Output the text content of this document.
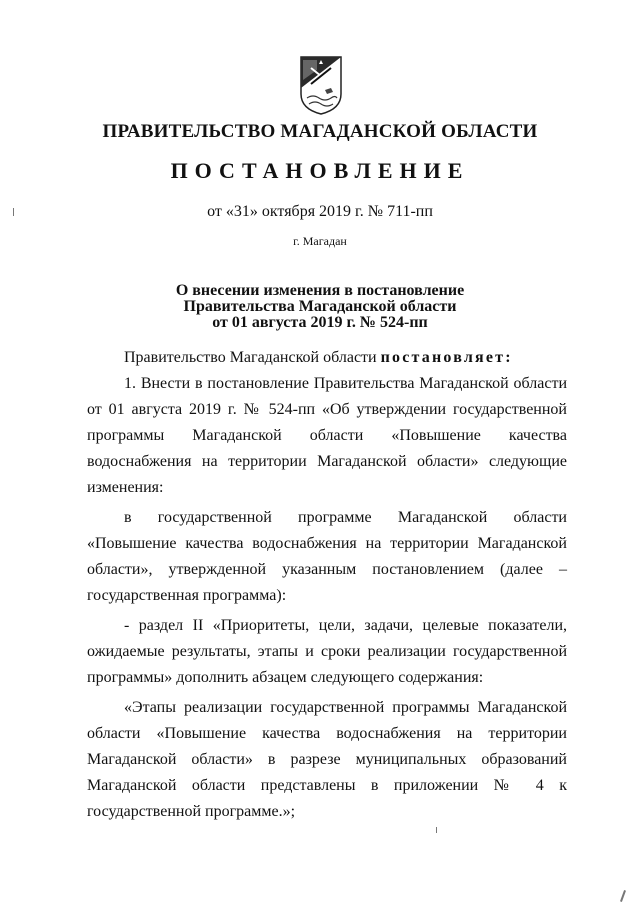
ПРАВИТЕЛЬСТВО МАГАДАНСКОЙ ОБЛАСТИ
ПОСТАНОВЛЕНИЕ
от «31» октября 2019 г. № 711-пп
г. Магадан
О внесении изменения в постановление
Правительства Магаданской области
от 01 августа 2019 г. № 524-пп

Правительство Магаданской области постановляет:

1. Внести в постановление Правительства Магаданской области от 01 августа 2019 г. № 524-пп «Об утверждении государственной программы Магаданской области «Повышение качества водоснабжения на территории Магаданской области» следующие изменения:

в государственной программе Магаданской области «Повышение качества водоснабжения на территории Магаданской области», утвержденной указанным постановлением (далее – государственная программа):

- раздел II «Приоритеты, цели, задачи, целевые показатели, ожидаемые результаты, этапы и сроки реализации государственной программы» дополнить абзацем следующего содержания:

«Этапы реализации государственной программы Магаданской области «Повышение качества водоснабжения на территории Магаданской области» в разрезе муниципальных образований Магаданской области представлены в приложении № 4 к государственной программе.»;
